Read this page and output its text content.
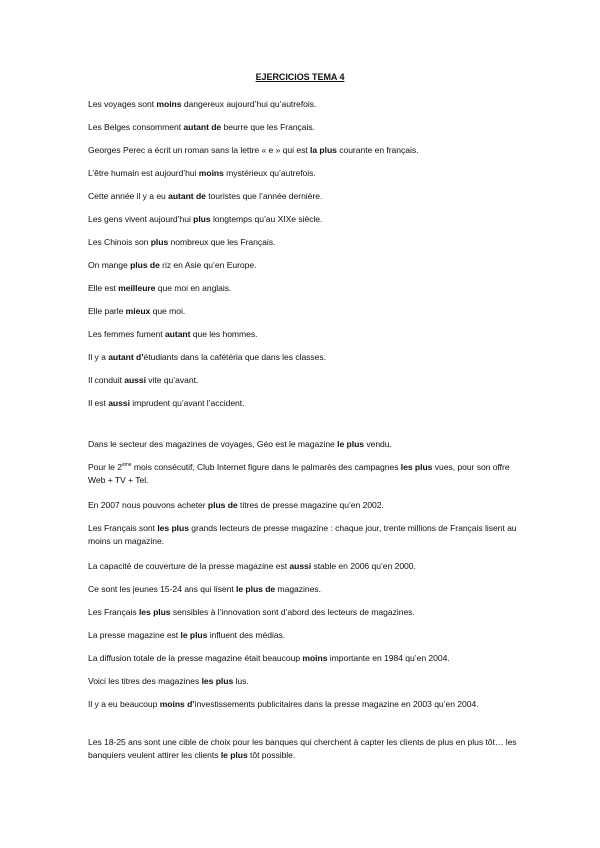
EJERCICIOS TEMA 4
Les voyages sont moins dangereux aujourd’hui qu’autrefois.
Les Belges consomment autant de beurre que les Français.
Georges Perec a écrit un roman sans la lettre « e » qui est la plus courante en français.
L’être humain est aujourd’hui moins mystérieux qu’autrefois.
Cette année il y a eu autant de touristes que l’année dernière.
Les gens vivent aujourd’hui plus longtemps qu’au XIXe siècle.
Les Chinois son plus nombreux que les Français.
On mange plus de riz en Asie qu’en Europe.
Elle est meilleure que moi en anglais.
Elle parle mieux que moi.
Les femmes fument autant que les hommes.
Il y a autant d’étudiants dans la cafétéria que dans les classes.
Il conduit aussi vite qu’avant.
Il est aussi imprudent qu’avant l’accident.
Dans le secteur des magazines de voyages, Géo est le magazine le plus vendu.
Pour le 2ème mois consécutif, Club Internet figure dans le palmarès des campagnes les plus vues, pour son offre Web + TV + Tel.
En 2007 nous pouvons acheter plus de titres de presse magazine qu’en 2002.
Les Français sont les plus grands lecteurs de presse magazine : chaque jour, trente millions de Français lisent au moins un magazine.
La capacité de couverture de la presse magazine est aussi stable en 2006 qu’en 2000.
Ce sont les jeunes 15-24 ans qui lisent le plus de magazines.
Les Français les plus sensibles à l’innovation sont d’abord des lecteurs de magazines.
La presse magazine est le plus influent des médias.
La diffusion totale de la presse magazine était beaucoup moins importante en 1984 qu’en 2004.
Voici les titres des magazines les plus lus.
Il y a eu beaucoup moins d’investissements publicitaires dans la presse magazine en 2003 qu’en 2004.
Les 18-25 ans sont une cible de choix pour les banques qui cherchent à capter les clients de plus en plus tôt… les banquiers veulent attirer les clients le plus tôt possible.
